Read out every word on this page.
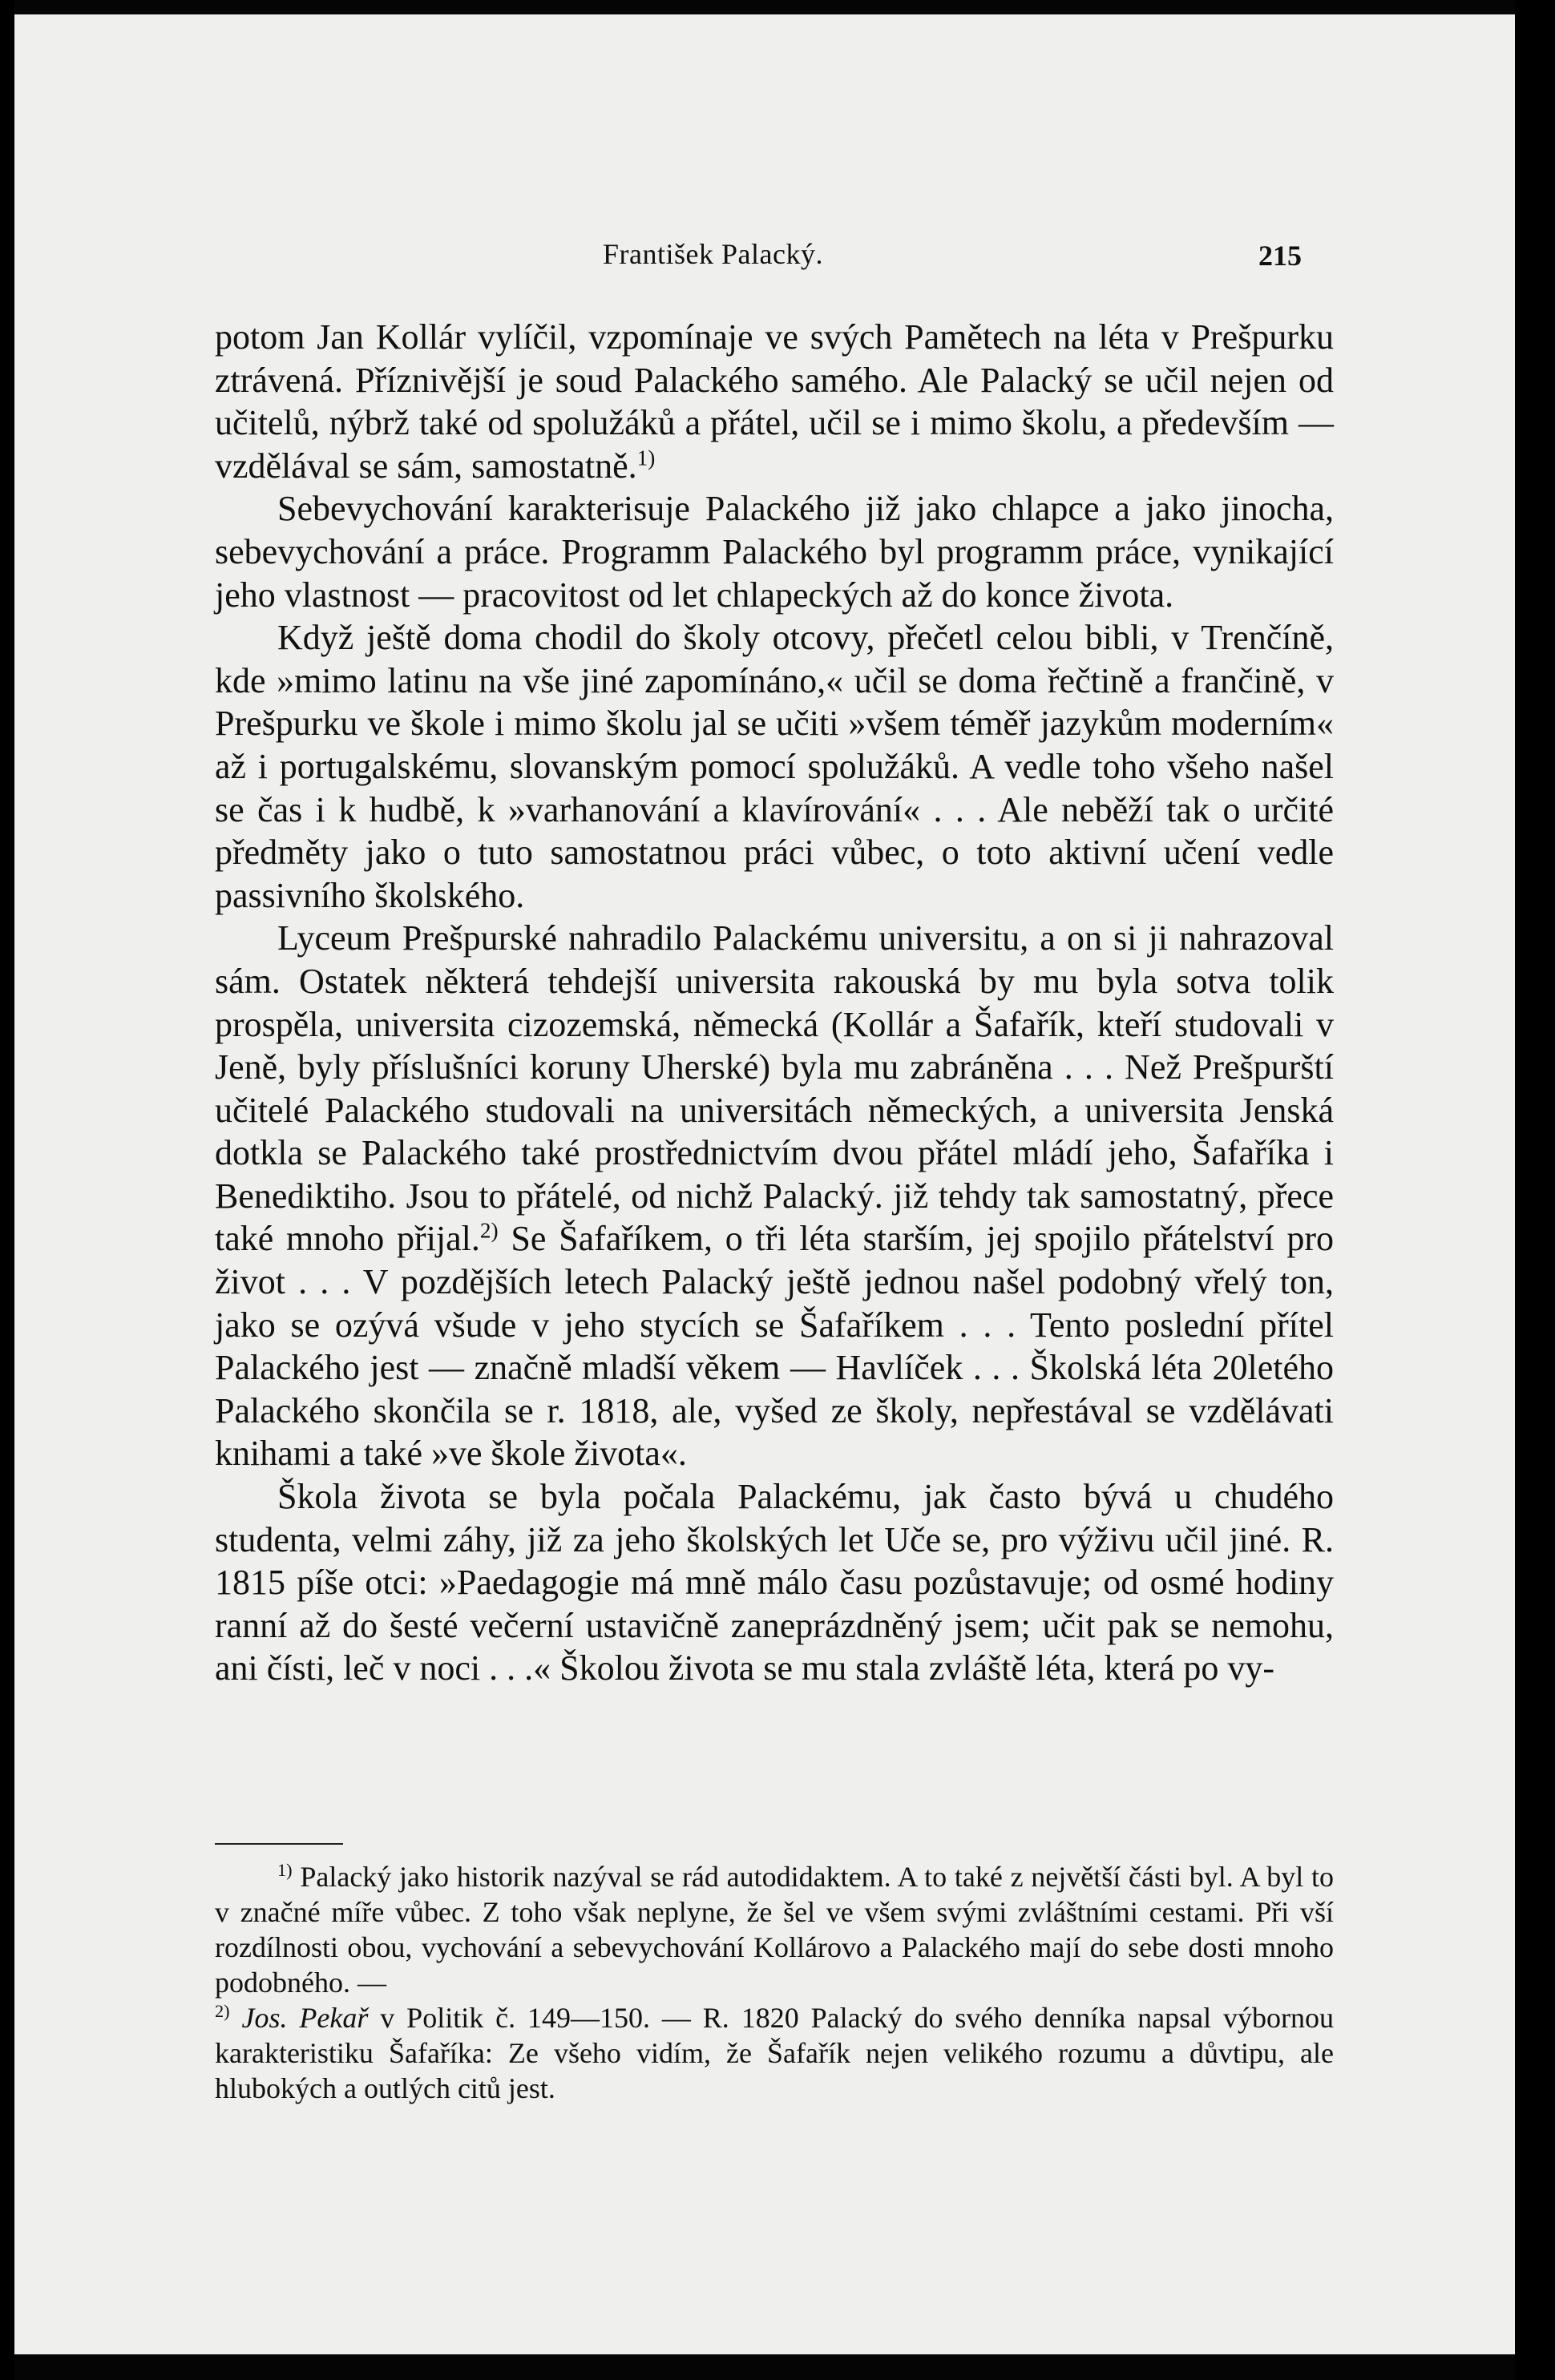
František Palacký.	215

potom Jan Kollár vylíčil, vzpomínaje ve svých Pamětech na léta v Prešpurku ztrávená. Příznivější je soud Palackého samého. Ale Palacký se učil nejen od učitelů, nýbrž také od spolužáků a přátel, učil se i mimo školu, a především — vzdělával se sám, samostatně.$^{1)}$

Sebevychování karakterisuje Palackého již jako chlapce a jako jinocha, sebevychování a práce. Programm Palackého byl programm práce, vynikající jeho vlastnost — pracovitost od let chlapeckých až do konce života.

Když ještě doma chodil do školy otcovy, přečetl celou bibli, v Trenčíně, kde »mimo latinu na vše jiné zapomínáno,« učil se doma řečtině a frančině, v Prešpurku ve škole i mimo školu jal se učiti »všem téměř jazykům moderním« až i portugalskému, slovanským pomocí spolužáků. A vedle toho všeho našel se čas i k hudbě, k »varhanování a klavírování« . . . Ale neběží tak o určité předměty jako o tuto samostatnou práci vůbec, o toto aktivní učení vedle passivního školského.

Lyceum Prešpurské nahradilo Palackému universitu, a on si ji nahrazoval sám. Ostatek některá tehdejší universita rakouská by mu byla sotva tolik prospěla, universita cizozemská, německá (Kollár a Šafařík, kteří studovali v Jeně, byly příslušníci koruny Uherské) byla mu zabráněna . . . Než Prešpurští učitelé Palackého studovali na universitách německých, a universita Jenská dotkla se Palackého také prostřednictvím dvou přátel mládí jeho, Šafaříka i Benediktiho. Jsou to přátelé, od nichž Palacký. již tehdy tak samostatný, přece také mnoho přijal.$^{2)}$ Se Šafaříkem, o tři léta starším, jej spojilo přátelství pro život . . . V pozdějších letech Palacký ještě jednou našel podobný vřelý ton, jako se ozývá všude v jeho stycích se Šafaříkem . . . Tento poslední přítel Palackého jest — značně mladší věkem — Havlíček . . . Školská léta 20letého Palackého skončila se r. 1818, ale, vyšed ze školy, nepřestával se vzdělávati knihami a také »ve škole života«.

Škola života se byla počala Palackému, jak často bývá u chudého studenta, velmi záhy, již za jeho školských let Uče se, pro výživu učil jiné. R. 1815 píše otci: »Paedagogie má mně málo času pozůstavuje; od osmé hodiny ranní až do šesté večerní ustavičně zaneprázdněný jsem; učit pak se nemohu, ani čísti, leč v noci . . .« Školou života se mu stala zvláště léta, která po vy-

$^{1)}$ Palacký jako historik nazýval se rád autodidaktem. A to také z největší části byl. A byl to v značné míře vůbec. Z toho však neplyne, že šel ve všem svými zvláštními cestami. Při vší rozdílnosti obou, vychování a sebevychování Kollárovo a Palackého mají do sebe dosti mnoho podobného. —

$^{2)}$ Jos. Pekař v Politik č. 149—150. — R. 1820 Palacký do svého denníka napsal výbornou karakteristiku Šafaříka: Ze všeho vidím, že Šafařík nejen velikého rozumu a důvtipu, ale hlubokých a outlých citů jest.
